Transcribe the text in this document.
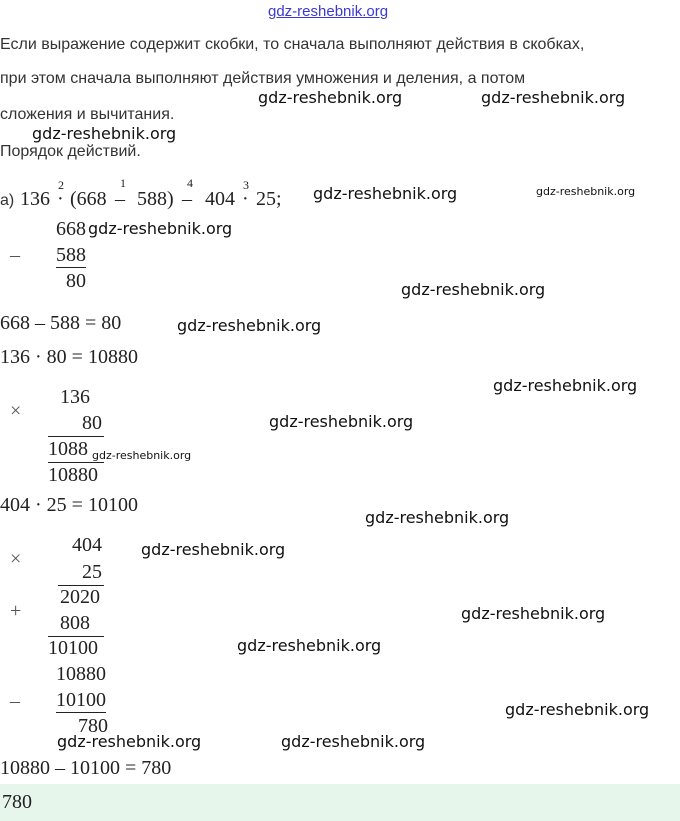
gdz-reshebnik.org
Если выражение содержит скобки, то сначала выполняют действия в скобках,
при этом сначала выполняют действия умножения и деления, а потом
сложения и вычитания.
Порядок действий.
а) 136 · (668 – 588) – 404 · 25;
2	1	4	3
668
– 588
80
668 – 588 = 80
136 · 80 = 10880
136
×
80
1088
10880
404 · 25 = 10100
404
×
25
2020
+
808
10100
10880
– 10100
780
10880 – 10100 = 780
780
gdz-reshebnik.org	gdz-reshebnik.org
gdz-reshebnik.org
gdz-reshebnik.org	gdz-reshebnik.org
gdz-reshebnik.org
gdz-reshebnik.org
gdz-reshebnik.org
gdz-reshebnik.org
gdz-reshebnik.org
gdz-reshebnik.org
gdz-reshebnik.org
gdz-reshebnik.org
gdz-reshebnik.org
gdz-reshebnik.org
gdz-reshebnik.org
gdz-reshebnik.org	gdz-reshebnik.org
